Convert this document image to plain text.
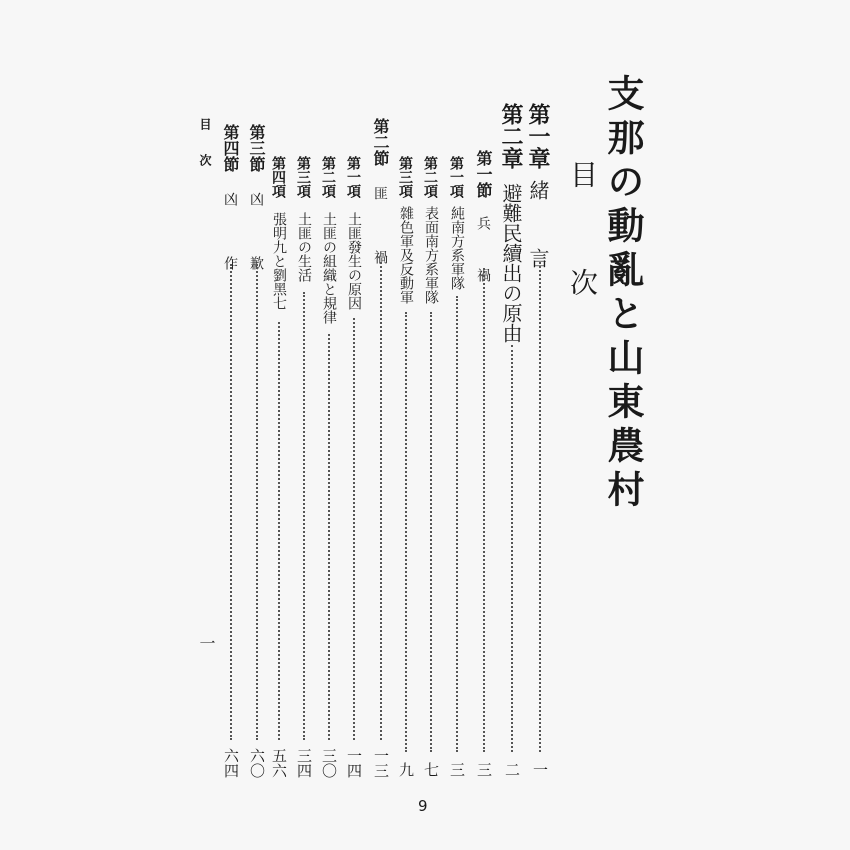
支那の動亂と山東農村
目　次
第一章
緒　言
一
第二章
避難民續出の原由
二
第一節
兵　禍
三
第一項
純南方系軍隊
三
第二項
表面南方系軍隊
七
第三項
雜色軍及反動軍
九
第二節
匪　禍
一三
第一項
土匪發生の原因
一四
第二項
土匪の組織と規律
三〇
第三項
土匪の生活
三四
第四項
張明九と劉黑七
五六
第三節
凶　歉
六〇
第四節
凶　作
六四
目次
一
9
